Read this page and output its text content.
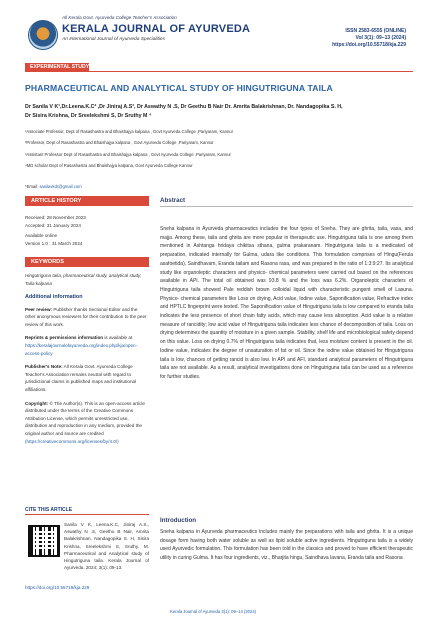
All Kerala Govt. Ayurveda College Teacher's Association
KERALA JOURNAL OF AYURVEDA
An International Journal of Ayurveda Specialities
ISSN 2583-6555 (ONLINE)
Vol 3(1): 09–13 (2024)
https://doi.org/10.55718/kja.229
EXPERIMENTAL STUDY
PHARMACEUTICAL AND ANALYTICAL STUDY OF HINGUTRIGUNA TAILA
Dr Sanila V K¹,Dr.Leena.K.C² ,Dr Jiniraj A.S³, Dr Aswathy N .S, Dr Geethu B Nair Dr. Amrita Balakrishnan, Dr. Nandagopika S. H,
Dr Sisira Krishna, Dr Sreelekshmi S, Dr Sruthy M ⁴
¹Associate Professor, Dept of Rasashastra and Bhaishajya kalpana , Govt Ayurveda College ,Pariyaram, Kannur
²Professor, Dept of Rasashastra and Bhaishajya kalpana , Govt Ayurveda College ,Pariyaram, Kannur
³Assistant Professor Dept of Rasashastra and Bhaishajya kalpana , Govt Ayurveda College ,Pariyaram, Kannur
⁴MD scholar Dept of Rasashastra and Bhaishajya kalpana, Govt Ayurveda College Kannur
*Email: sanilavkdr@gmail.com
ARTICLE HISTORY
Received: 28 November 2023
Accepted: 31 January 2024
Available online
Version 1.0 : 31 March 2024
KEYWORDS
Hingutriguna taila, pharmaceutical study, analytical study, Taila kalpana
Additional information
Peer review: Publisher thanks Sectional Editor and the other anonymous reviewers for their contribution to the peer review of this work.
Reprints & permissions information is available at https://keralajournalofayurveda.org/index.php/kja/open-access-policy
Publisher's Note: All Kerala Govt. Ayurveda College Teacher's Association remains neutral with regard to jurisdictional claims in published maps and institutional affiliations.
Copyright: © The Author(s). This is an open-access article distributed under the terms of the Creative Commons Attribution License, which permits unrestricted use, distribution and reproduction in any medium, provided the original author and source are credited (https://creativecommons.org/licenses/by/4.0/)
CITE THIS ARTICLE
Sanila V K, Leena.K.C, Jiniraj A.S., Aswathy N .S, Geethu B Nair, Amrita Balakrishnan, Nandagopika S. H, Sisira Krishna, Sreelekshmi S, Sruthy. M. Pharmaceutical and Analytical study of Hingutriguna taila. Kerala Journal of Ayurveda. 2024; 3(1): 09-13.
https://doi.org/10.55718/kja.229
Abstract
Sneha kalpana in Ayurveda pharmaceutics includes the four types of Sneha. They are ghrita, taila, vasa, and majja. Among these, taila and ghrita are more popular in therapeutic use. Hingutriguna taila is one among them mentioned in Ashtanga hridaya chikitsa sthana, gulma prakaranam. Hingutriguna taila is a medicated oil preparation, indicated internally for Gulma, udara like conditions. This formulation comprises of Hingu(Ferula asafoetida), Saindhavam, Eranda tailam and Rasona rasa, and was prepared in the ratio of 1:3:9:27. Its analytical study like organoleptic characters and physico- chemical parameters were carried out based on the references available in API. The total oil obtained was 93.8 % and the loss was 6.2%. Organoleptic characters of Hingutriguna taila showed Pale reddish brown colloidal liquid with characteristic pungent smell of Lasuna. Physico- chemical parameters like Loss on drying, Acid value, Iodine value, Saponification value, Refractive index and HPTLC fingerprint were tested. The Saponification value of Hingutriguna taila is low compared to eranda taila indicates the less presence of short chain fatty acids, which may cause less absorption. Acid value is a relative measure of rancidity; low acid value of Hingutriguna taila indicates less chance of decomposition of taila. Loss on drying determines the quantity of moisture in a given sample. Stability, shelf life and microbiological safety depend on this value. Loss on drying 0.7% of Hingutriguna taila indicates that, less moisture content is present in the oil. Iodine value, indicates the degree of unsaturation of fat or oil. Since the iodine value obtained for Hingutriguna taila is low, chances of getting rancid is also low. In API and AFI, standard analytical parameters of Hingutriguna taila are not available. As a result, analytical investigations done on Hingutriguna taila can be used as a reference for further studies.
Introduction
Sneha kalpana in Ayurveda pharmaceutics includes mainly the preparations with taila and ghrita. It is a unique dosage form having both water soluble as well as lipid soluble active ingredients. Hingutriguna taila is a widely used Ayurvedic formulation. This formulation has been told in the classics and proved to have efficient therapeutic utility in curing Gulma. It has four ingredients, viz., Bharjita hingu, Saindhava lavana, Eranda taila and Rasona
Kerala Journal of Ayurveda 3(1): 09–14 (2024)
